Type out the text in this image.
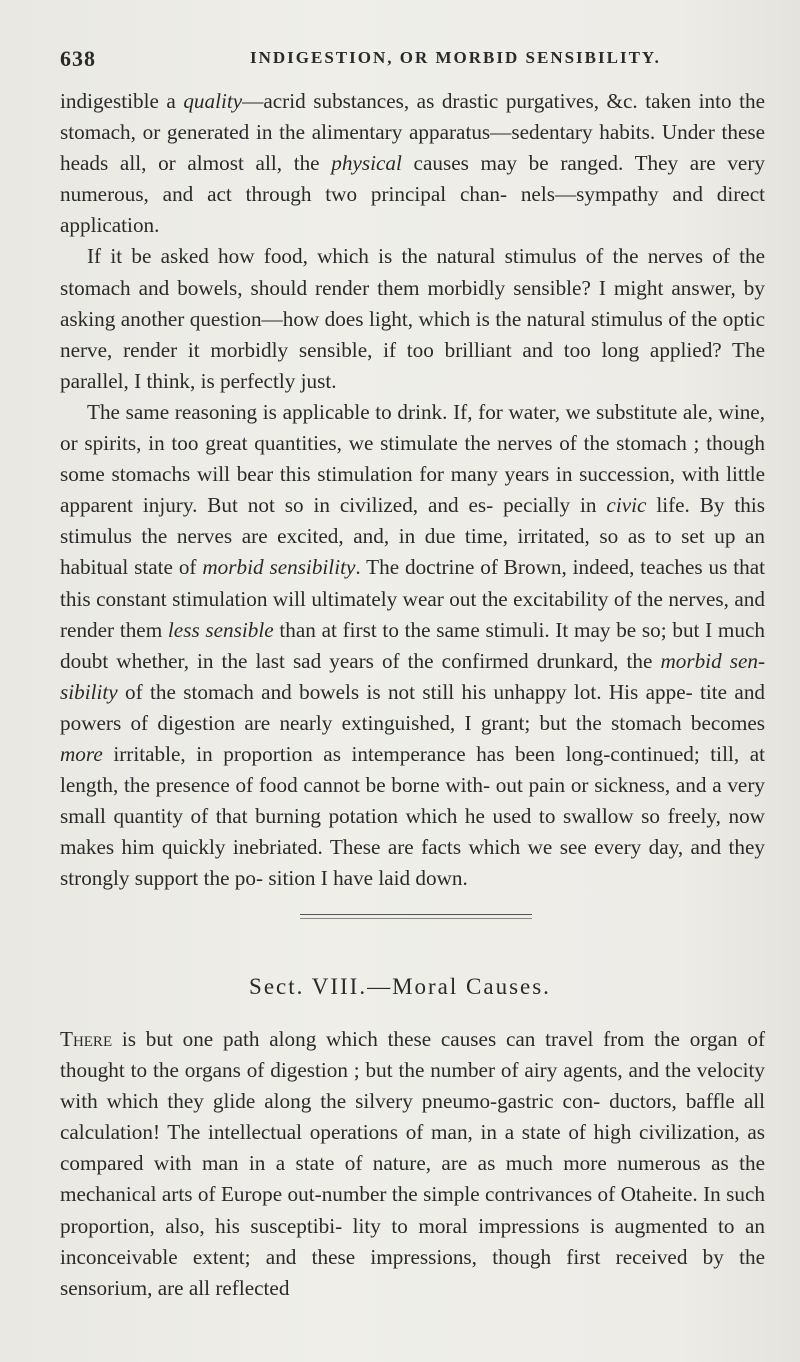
638	INDIGESTION, OR MORBID SENSIBILITY.

indigestible a quality—acrid substances, as drastic purgatives, &c. taken into the stomach, or generated in the alimentary apparatus—sedentary habits. Under these heads all, or almost all, the physical causes may be ranged. They are very numerous, and act through two principal chan- nels—sympathy and direct application.

If it be asked how food, which is the natural stimulus of the nerves of the stomach and bowels, should render them morbidly sensible? I might answer, by asking another question—how does light, which is the natural stimulus of the optic nerve, render it morbidly sensible, if too brilliant and too long applied? The parallel, I think, is perfectly just.

The same reasoning is applicable to drink. If, for water, we substitute ale, wine, or spirits, in too great quantities, we stimulate the nerves of the stomach ; though some stomachs will bear this stimulation for many years in succession, with little apparent injury. But not so in civilized, and es- pecially in civic life. By this stimulus the nerves are excited, and, in due time, irritated, so as to set up an habitual state of morbid sensibility. The doctrine of Brown, indeed, teaches us that this constant stimulation will ultimately wear out the excitability of the nerves, and render them less sensible than at first to the same stimuli. It may be so; but I much doubt whether, in the last sad years of the confirmed drunkard, the morbid sen- sibility of the stomach and bowels is not still his unhappy lot. His appe- tite and powers of digestion are nearly extinguished, I grant; but the stomach becomes more irritable, in proportion as intemperance has been long-continued; till, at length, the presence of food cannot be borne with- out pain or sickness, and a very small quantity of that burning potation which he used to swallow so freely, now makes him quickly inebriated. These are facts which we see every day, and they strongly support the po- sition I have laid down.

Sect. VIII.—Moral Causes.

There is but one path along which these causes can travel from the organ of thought to the organs of digestion ; but the number of airy agents, and the velocity with which they glide along the silvery pneumo-gastric con- ductors, baffle all calculation! The intellectual operations of man, in a state of high civilization, as compared with man in a state of nature, are as much more numerous as the mechanical arts of Europe out-number the simple contrivances of Otaheite. In such proportion, also, his susceptibi- lity to moral impressions is augmented to an inconceivable extent; and these impressions, though first received by the sensorium, are all reflected
